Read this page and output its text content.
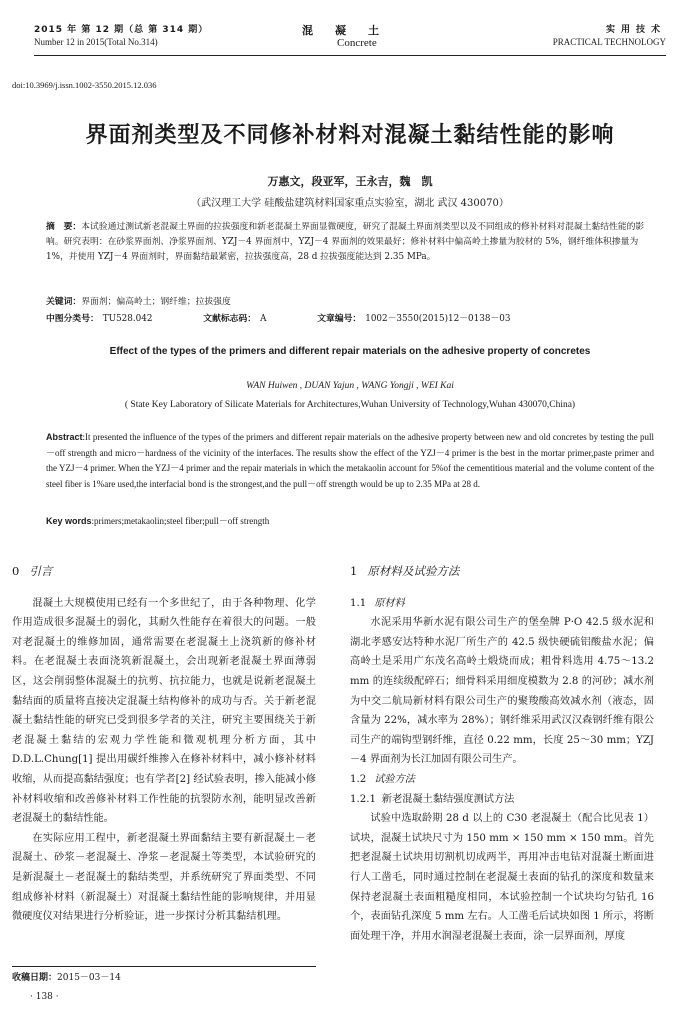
2015 年 第 12 期（总 第 314 期）
Number 12 in 2015(Total No.314)
混凝土
Concrete
实用技术
PRACTICAL TECHNOLOGY
doi:10.3969/j.issn.1002-3550.2015.12.036
界面剂类型及不同修补材料对混凝土黏结性能的影响
万惠文，段亚军，王永吉，魏　凯
（武汉理工大学 硅酸盐建筑材料国家重点实验室，湖北 武汉 430070）
摘　要：本试验通过测试新老混凝土界面的拉拔强度和新老混凝土界面显微硬度，研究了混凝土界面剂类型以及不同组成的修补材料对混凝土黏结性能的影响。研究表明：在砂浆界面剂、净浆界面剂、YZJ－4 界面剂中，YZJ－4 界面剂的效果最好；修补材料中偏高岭土掺量为胶材的 5%，钢纤维体积掺量为 1%，并使用 YZJ－4 界面剂时，界面黏结最紧密，拉拔强度高，28 d 拉拔强度能达到 2.35 MPa。
关键词：界面剂；偏高岭土；钢纤维；拉拔强度
中图分类号： TU528.042	文献标志码： A	文章编号： 1002－3550(2015)12－0138－03
Effect of the types of the primers and different repair materials on the adhesive property of concretes
WAN Huiwen , DUAN Yajun , WANG Yongji , WEI Kai
( State Key Laboratory of Silicate Materials for Architectures,Wuhan University of Technology,Wuhan 430070,China)
Abstract:It presented the influence of the types of the primers and different repair materials on the adhesive property between new and old concretes by testing the pull－off strength and micro－hardness of the vicinity of the interfaces. The results show the effect of the YZJ－4 primer is the best in the mortar primer,paste primer and the YZJ－4 primer. When the YZJ－4 primer and the repair materials in which the metakaolin account for 5%of the cementitious material and the volume content of the steel fiber is 1%are used,the interfacial bond is the strongest,and the pull－off strength would be up to 2.35 MPa at 28 d.
Key words:primers;metakaolin;steel fiber;pull－off strength
0 引言

混凝土大规模使用已经有一个多世纪了，由于各种物理、化学作用造成很多混凝土的弱化，其耐久性能存在着很大的问题。一般对老混凝土的维修加固，通常需要在老混凝土上浇筑新的修补材料。在老混凝土表面浇筑新混凝土，会出现新老混凝土界面薄弱区，这会削弱整体混凝土的抗剪、抗拉能力，也就是说新老混凝土黏结面的质量将直接决定混凝土结构修补的成功与否。关于新老混凝土黏结性能的研究已受到很多学者的关注，研究主要围绕关于新老混凝土黏结的宏观力学性能和微观机理分析方面，其中 D.D.L.Chung[1] 提出用碳纤维掺入在修补材料中，减小修补材料收缩，从而提高黏结强度；也有学者[2] 经试验表明，掺入能减小修补材料收缩和改善修补材料工作性能的抗裂防水剂，能明显改善新老混凝土的黏结性能。

在实际应用工程中，新老混凝土界面黏结主要有新混凝土－老混凝土、砂浆－老混凝土、净浆－老混凝土等类型，本试验研究的是新混凝土－老混凝土的黏结类型，并系统研究了界面类型、不同组成修补材料（新混凝土）对混凝土黏结性能的影响规律，并用显微硬度仪对结果进行分析验证，进一步探讨分析其黏结机理。

1 原材料及试验方法
1.1 原材料

水泥采用华新水泥有限公司生产的堡垒牌 P·O 42.5 级水泥和湖北孝感安达特种水泥厂所生产的 42.5 级快硬硫铝酸盐水泥；偏高岭土是采用广东茂名高岭土煅烧而成；粗骨料选用 4.75～13.2 mm 的连续级配碎石；细骨料采用细度模数为 2.8 的河砂；减水剂为中交二航局新材料有限公司生产的聚羧酸高效减水剂（液态，固含量为 22%，减水率为 28%）；钢纤维采用武汉汉森钢纤维有限公司生产的端钩型钢纤维，直径 0.22 mm，长度 25～30 mm；YZJ－4 界面剂为长江加固有限公司生产。

1.2 试验方法
1.2.1 新老混凝土黏结强度测试方法

试验中选取龄期 28 d 以上的 C30 老混凝土（配合比见表 1）试块，混凝土试块尺寸为 150 mm × 150 mm × 150 mm。首先把老混凝土试块用切割机切成两半，再用冲击电钻对混凝土断面进行人工凿毛，同时通过控制在老混凝土表面的钻孔的深度和数量来保持老混凝土表面粗糙度相同，本试验控制一个试块均匀钻孔 16 个，表面钻孔深度 5 mm 左右。人工凿毛后试块如图 1 所示，将断面处理干净，并用水润湿老混凝土表面，涂一层界面剂，厚度

收稿日期：2015－03－14
· 138 ·
